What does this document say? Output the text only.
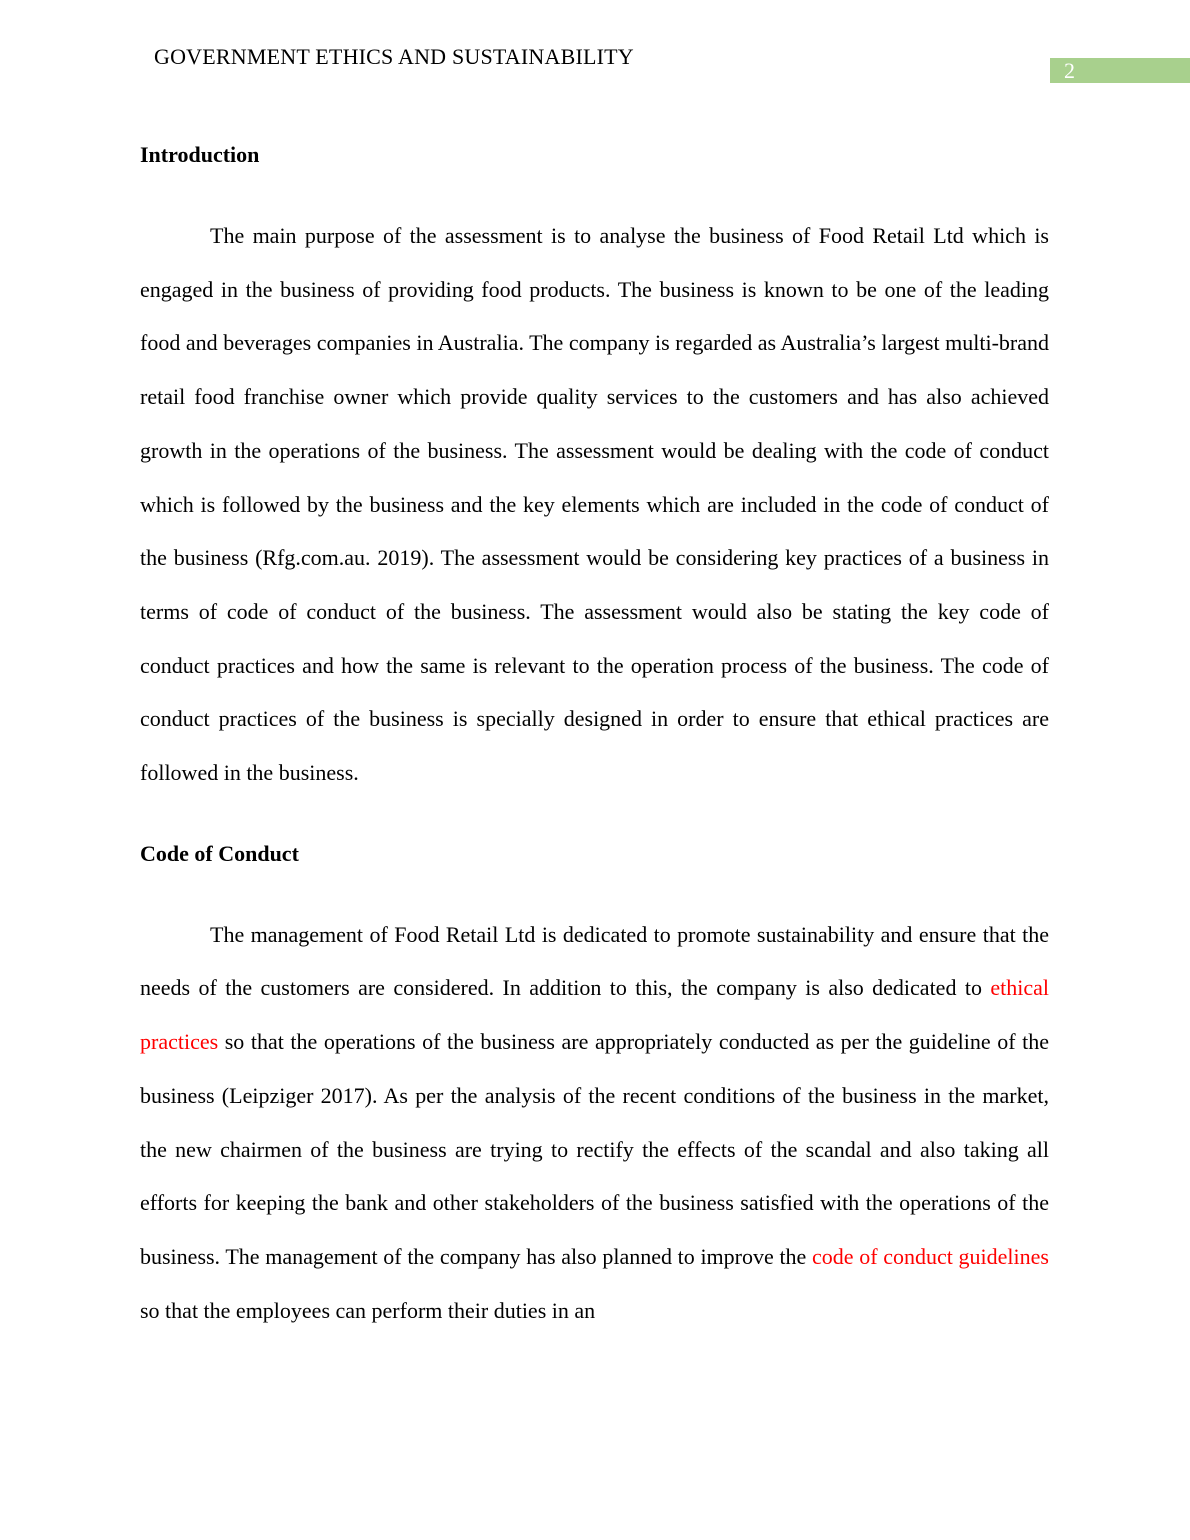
GOVERNMENT ETHICS AND SUSTAINABILITY
2
Introduction

The main purpose of the assessment is to analyse the business of Food Retail Ltd which is engaged in the business of providing food products. The business is known to be one of the leading food and beverages companies in Australia. The company is regarded as Australia’s largest multi-brand retail food franchise owner which provide quality services to the customers and has also achieved growth in the operations of the business. The assessment would be dealing with the code of conduct which is followed by the business and the key elements which are included in the code of conduct of the business (Rfg.com.au. 2019). The assessment would be considering key practices of a business in terms of code of conduct of the business. The assessment would also be stating the key code of conduct practices and how the same is relevant to the operation process of the business. The code of conduct practices of the business is specially designed in order to ensure that ethical practices are followed in the business.

Code of Conduct

The management of Food Retail Ltd is dedicated to promote sustainability and ensure that the needs of the customers are considered. In addition to this, the company is also dedicated to ethical practices so that the operations of the business are appropriately conducted as per the guideline of the business (Leipziger 2017). As per the analysis of the recent conditions of the business in the market, the new chairmen of the business are trying to rectify the effects of the scandal and also taking all efforts for keeping the bank and other stakeholders of the business satisfied with the operations of the business. The management of the company has also planned to improve the code of conduct guidelines so that the employees can perform their duties in an
